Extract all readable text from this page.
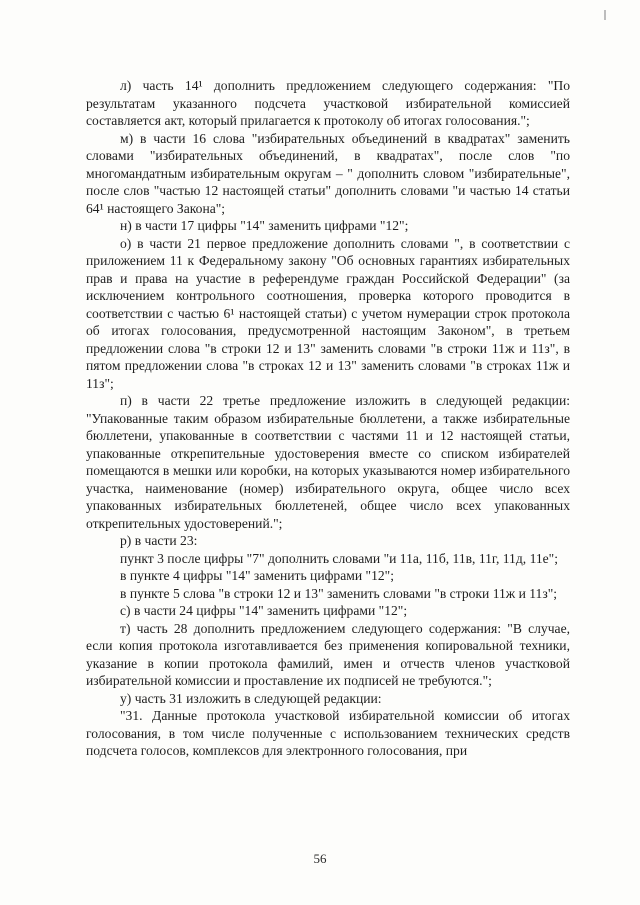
л) часть 14¹ дополнить предложением следующего содержания: "По результатам указанного подсчета участковой избирательной комиссией составляется акт, который прилагается к протоколу об итогах голосования.";

м) в части 16 слова "избирательных объединений в квадратах" заменить словами "избирательных объединений, в квадратах", после слов "по многомандатным избирательным округам – " дополнить словом "избирательные", после слов "частью 12 настоящей статьи" дополнить словами "и частью 14 статьи 64¹ настоящего Закона";

н) в части 17 цифры "14" заменить цифрами "12";

о) в части 21 первое предложение дополнить словами ", в соответствии с приложением 11 к Федеральному закону "Об основных гарантиях избирательных прав и права на участие в референдуме граждан Российской Федерации" (за исключением контрольного соотношения, проверка которого проводится в соответствии с частью 6¹ настоящей статьи) с учетом нумерации строк протокола об итогах голосования, предусмотренной настоящим Законом", в третьем предложении слова "в строки 12 и 13" заменить словами "в строки 11ж и 11з", в пятом предложении слова "в строках 12 и 13" заменить словами "в строках 11ж и 11з";

п) в части 22 третье предложение изложить в следующей редакции: "Упакованные таким образом избирательные бюллетени, а также избирательные бюллетени, упакованные в соответствии с частями 11 и 12 настоящей статьи, упакованные открепительные удостоверения вместе со списком избирателей помещаются в мешки или коробки, на которых указываются номер избирательного участка, наименование (номер) избирательного округа, общее число всех упакованных избирательных бюллетеней, общее число всех упакованных открепительных удостоверений.";

р) в части 23:

пункт 3 после цифры "7" дополнить словами "и 11а, 11б, 11в, 11г, 11д, 11е";

в пункте 4 цифры "14" заменить цифрами "12";

в пункте 5 слова "в строки 12 и 13" заменить словами "в строки 11ж и 11з";

с) в части 24 цифры "14" заменить цифрами "12";

т) часть 28 дополнить предложением следующего содержания: "В случае, если копия протокола изготавливается без применения копировальной техники, указание в копии протокола фамилий, имен и отчеств членов участковой избирательной комиссии и проставление их подписей не требуются.";

у) часть 31 изложить в следующей редакции:

"31. Данные протокола участковой избирательной комиссии об итогах голосования, в том числе полученные с использованием технических средств подсчета голосов, комплексов для электронного голосования, при

56
